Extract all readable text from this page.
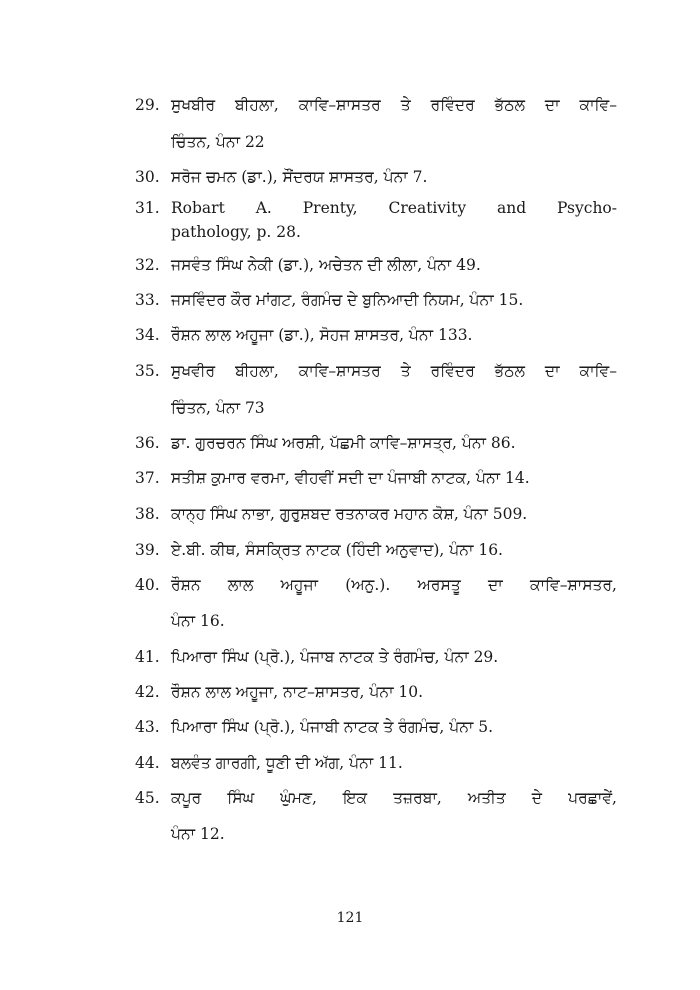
29. ਸੁਖਬੀਰ ਬੀਹਲਾ, ਕਾਵਿ–ਸ਼ਾਸਤਰ ਤੇ ਰਵਿੰਦਰ ਭੱਠਲ ਦਾ ਕਾਵਿ–
ਚਿੰਤਨ, ਪੰਨਾ 22
30. ਸਰੋਜ ਚਮਨ (ਡਾ.), ਸੌਂਦਰਯ ਸ਼ਾਸਤਰ, ਪੰਨਾ 7.
31. Robart A. Prenty, Creativity and Psycho-
pathology, p. 28.
32. ਜਸਵੰਤ ਸਿੰਘ ਨੇਕੀ (ਡਾ.), ਅਚੇਤਨ ਦੀ ਲੀਲਾ, ਪੰਨਾ 49.
33. ਜਸਵਿੰਦਰ ਕੌਰ ਮਾਂਗਟ, ਰੰਗਮੰਚ ਦੇ ਬੁਨਿਆਦੀ ਨਿਯਮ, ਪੰਨਾ 15.
34. ਰੌਸ਼ਨ ਲਾਲ ਅਹੂਜਾ (ਡਾ.), ਸੋਹਜ ਸ਼ਾਸਤਰ, ਪੰਨਾ 133.
35. ਸੁਖਵੀਰ ਬੀਹਲਾ, ਕਾਵਿ–ਸ਼ਾਸਤਰ ਤੇ ਰਵਿੰਦਰ ਭੱਠਲ ਦਾ ਕਾਵਿ–
ਚਿੰਤਨ, ਪੰਨਾ 73
36. ਡਾ. ਗੁਰਚਰਨ ਸਿੰਘ ਅਰਸ਼ੀ, ਪੱਛਮੀ ਕਾਵਿ–ਸ਼ਾਸਤ੍ਰ, ਪੰਨਾ 86.
37. ਸਤੀਸ਼ ਕੁਮਾਰ ਵਰਮਾ, ਵੀਹਵੀਂ ਸਦੀ ਦਾ ਪੰਜਾਬੀ ਨਾਟਕ, ਪੰਨਾ 14.
38. ਕਾਨ੍ਹ ਸਿੰਘ ਨਾਭਾ, ਗੁਰੁਸ਼ਬਦ ਰਤਨਾਕਰ ਮਹਾਨ ਕੋਸ਼, ਪੰਨਾ 509.
39. ਏ.ਬੀ. ਕੀਥ, ਸੰਸਕ੍ਰਿਤ ਨਾਟਕ (ਹਿੰਦੀ ਅਨੁਵਾਦ), ਪੰਨਾ 16.
40. ਰੌਸ਼ਨ ਲਾਲ ਅਹੂਜਾ (ਅਨੁ.). ਅਰਸਤੂ ਦਾ ਕਾਵਿ–ਸ਼ਾਸਤਰ,
ਪੰਨਾ 16.
41. ਪਿਆਰਾ ਸਿੰਘ (ਪ੍ਰੋ.), ਪੰਜਾਬ ਨਾਟਕ ਤੇ ਰੰਗਮੰਚ, ਪੰਨਾ 29.
42. ਰੌਸ਼ਨ ਲਾਲ ਅਹੂਜਾ, ਨਾਟ–ਸ਼ਾਸਤਰ, ਪੰਨਾ 10.
43. ਪਿਆਰਾ ਸਿੰਘ (ਪ੍ਰੋ.), ਪੰਜਾਬੀ ਨਾਟਕ ਤੇ ਰੰਗਮੰਚ, ਪੰਨਾ 5.
44. ਬਲਵੰਤ ਗਾਰਗੀ, ਧੂਣੀ ਦੀ ਅੱਗ, ਪੰਨਾ 11.
45. ਕਪੂਰ ਸਿੰਘ ਘੁੰਮਣ, ਇਕ ਤਜ਼ਰਬਾ, ਅਤੀਤ ਦੇ ਪਰਛਾਵੇਂ,
ਪੰਨਾ 12.
121
